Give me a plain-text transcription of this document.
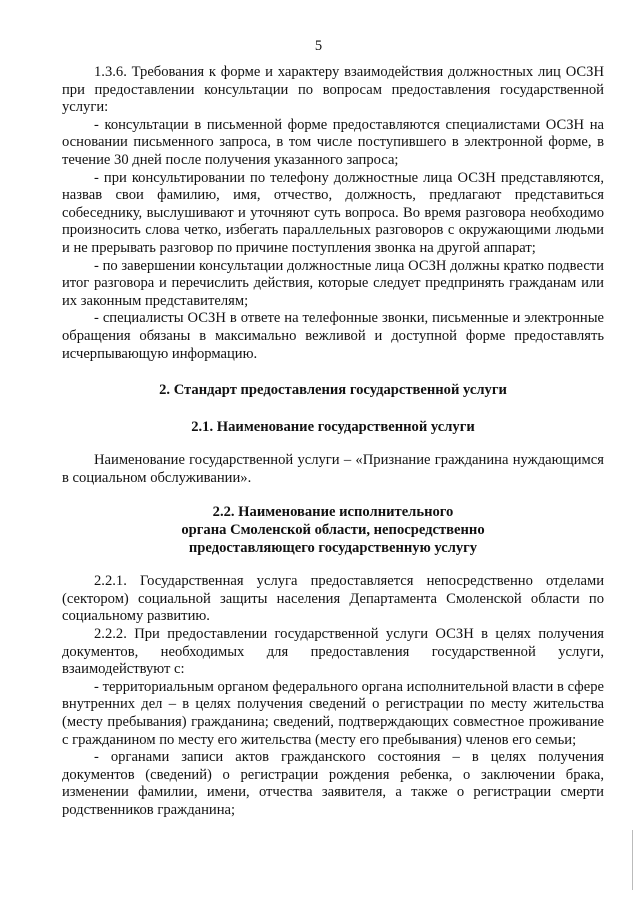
5

1.3.6. Требования к форме и характеру взаимодействия должностных лиц ОСЗН при предоставлении консультации по вопросам предоставления государственной услуги:

- консультации в письменной форме предоставляются специалистами ОСЗН на основании письменного запроса, в том числе поступившего в электронной форме, в течение 30 дней после получения указанного запроса;

- при консультировании по телефону должностные лица ОСЗН представляются, назвав свои фамилию, имя, отчество, должность, предлагают представиться собеседнику, выслушивают и уточняют суть вопроса. Во время разговора необходимо произносить слова четко, избегать параллельных разговоров с окружающими людьми и не прерывать разговор по причине поступления звонка на другой аппарат;

- по завершении консультации должностные лица ОСЗН должны кратко подвести итог разговора и перечислить действия, которые следует предпринять гражданам или их законным представителям;

- специалисты ОСЗН в ответе на телефонные звонки, письменные и электронные обращения обязаны в максимально вежливой и доступной форме предоставлять исчерпывающую информацию.

2. Стандарт предоставления государственной услуги
2.1. Наименование государственной услуги

Наименование государственной услуги – «Признание гражданина нуждающимся в социальном обслуживании».

2.2. Наименование исполнительного
органа Смоленской области, непосредственно
предоставляющего государственную услугу

2.2.1. Государственная услуга предоставляется непосредственно отделами (сектором) социальной защиты населения Департамента Смоленской области по социальному развитию.

2.2.2. При предоставлении государственной услуги ОСЗН в целях получения документов, необходимых для предоставления государственной услуги, взаимодействуют с:

- территориальным органом федерального органа исполнительной власти в сфере внутренних дел – в целях получения сведений о регистрации по месту жительства (месту пребывания) гражданина; сведений, подтверждающих совместное проживание с гражданином по месту его жительства (месту его пребывания) членов его семьи;

- органами записи актов гражданского состояния – в целях получения документов (сведений) о регистрации рождения ребенка, о заключении брака, изменении фамилии, имени, отчества заявителя, а также о регистрации смерти родственников гражданина;
